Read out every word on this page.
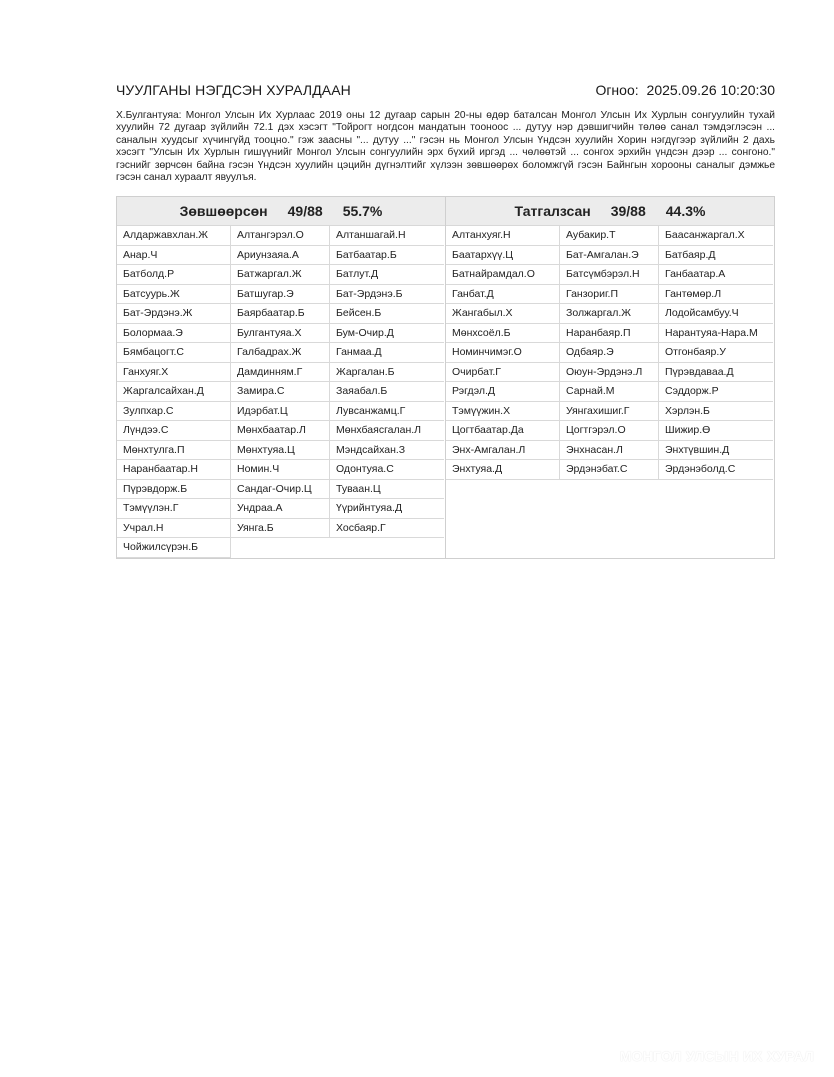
ЧУУЛГАНЫ НЭГДСЭН ХУРАЛДААН	Огноо: 2025.09.26 10:20:30
Х.Булгантуяа: Монгол Улсын Их Хурлаас 2019 оны 12 дугаар сарын 20-ны өдөр баталсан Монгол Улсын Их Хурлын сонгуулийн тухай хуулийн 72 дугаар зүйлийн 72.1 дэх хэсэгт "Тойрогт ногдсон мандатын тооноос ... дутуу нэр дэвшигчийн төлөө санал тэмдэглэсэн ... саналын хуудсыг хүчингүйд тооцно." гэж заасны "... дутуу ..." гэсэн нь Монгол Улсын Үндсэн хуулийн Хорин нэгдүгээр зүйлийн 2 дахь хэсэгт "Улсын Их Хурлын гишүүнийг Монгол Улсын сонгуулийн эрх бүхий иргэд ... чөлөөтэй ... сонгох эрхийн үндсэн дээр ... сонгоно." гэснийг зөрчсөн байна гэсэн Үндсэн хуулийн цэцийн дүгнэлтийг хүлээн зөвшөөрөх боломжгүй гэсэн Байнгын хорооны саналыг дэмжье гэсэн санал хураалт явуулъя.
Зөвшөөрсөн 49/88 55.7%
Алдаржавхлан.Ж	Алтангэрэл.О	Алтаншагай.Н
Анар.Ч	Ариунзаяа.А	Батбаатар.Б
Батболд.Р	Батжаргал.Ж	Батлут.Д
Батсуурь.Ж	Батшугар.Э	Бат-Эрдэнэ.Б
Бат-Эрдэнэ.Ж	Баярбаатар.Б	Бейсен.Б
Болормаа.Э	Булгантуяа.Х	Бум-Очир.Д
Бямбацогт.С	Галбадрах.Ж	Ганмаа.Д
Ганхуяг.Х	Дамдинням.Г	Жаргалан.Б
Жаргалсайхан.Д	Замира.С	Заяабал.Б
Зулпхар.С	Идэрбат.Ц	Лувсанжамц.Г
Лүндээ.С	Мөнхбаатар.Л	Мөнхбаясгалан.Л
Мөнхтулга.П	Мөнхтуяа.Ц	Мэндсайхан.З
Наранбаатар.Н	Номин.Ч	Одонтуяа.С
Пүрэвдорж.Б	Сандаг-Очир.Ц	Туваан.Ц
Тэмүүлэн.Г	Ундраа.А	Үүрийнтуяа.Д
Учрал.Н	Уянга.Б	Хосбаяр.Г
Чойжилсүрэн.Б
Татгалзсан 39/88 44.3%
Алтанхуяг.Н	Аубакир.Т	Баасанжаргал.Х
Баатархүү.Ц	Бат-Амгалан.Э	Батбаяр.Д
Батнайрамдал.О	Батсүмбэрэл.Н	Ганбаатар.А
Ганбат.Д	Ганзориг.П	Гантөмөр.Л
Жангабыл.Х	Золжаргал.Ж	Лодойсамбуу.Ч
Мөнхсоёл.Б	Наранбаяр.П	Нарантуяа-Нара.М
Номинчимэг.О	Одбаяр.Э	Отгонбаяр.У
Очирбат.Г	Оюун-Эрдэнэ.Л	Пүрэвдаваа.Д
Рэгдэл.Д	Сарнай.М	Сэддорж.Р
Тэмүүжин.Х	Уянгахишиг.Г	Хэрлэн.Б
Цогтбаатар.Да	Цогтгэрэл.О	Шижир.Ө
Энх-Амгалан.Л	Энхнасан.Л	Энхтүвшин.Д
Энхтуяа.Д	Эрдэнэбат.С	Эрдэнэболд.С
МОНГОЛ УЛСЫН ИХ ХУРАЛ
